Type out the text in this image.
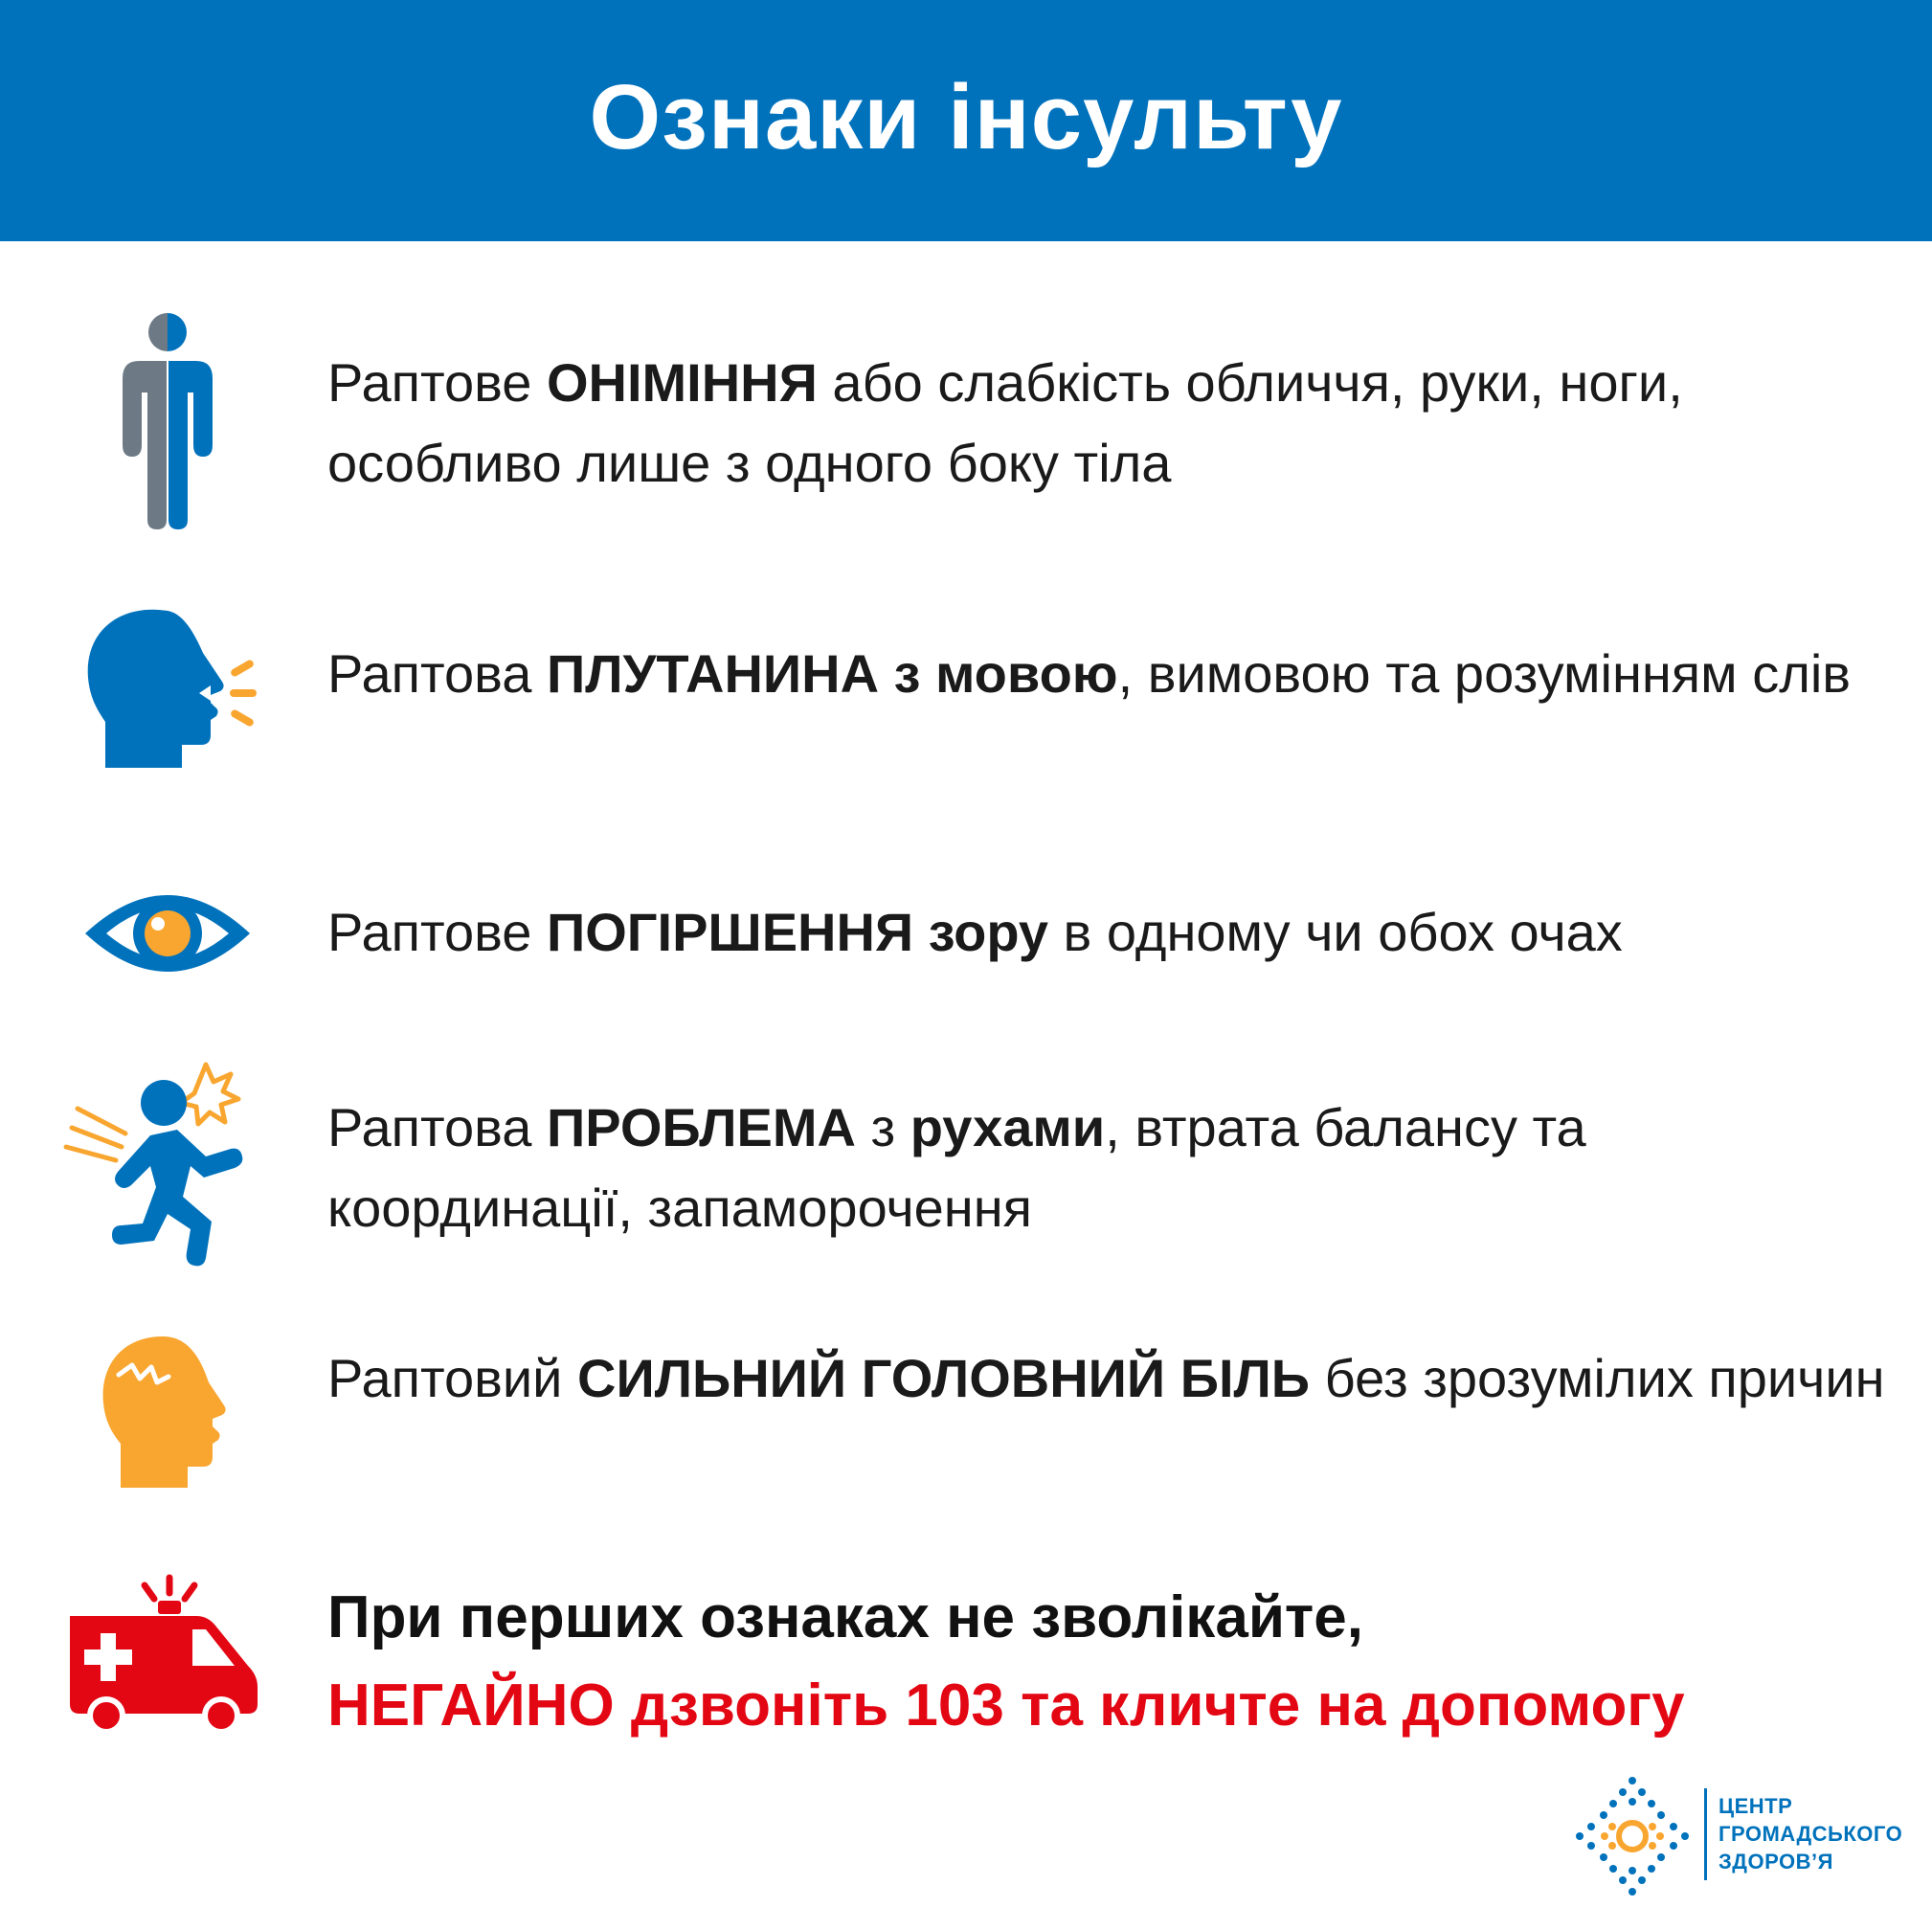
Ознаки інсульту
Раптове ОНІМІННЯ або слабкість обличчя, руки, ноги, особливо лише з одного боку тіла
Раптова ПЛУТАНИНА з мовою, вимовою та розумінням слів
Раптове ПОГІРШЕННЯ зору в одному чи обох очах
Раптова ПРОБЛЕМА з рухами, втрата балансу та координації, запаморочення
Раптовий СИЛЬНИЙ ГОЛОВНИЙ БІЛЬ без зрозумілих причин
При перших ознаках не зволікайте,
НЕГАЙНО дзвоніть 103 та кличте на допомогу
ЦЕНТР
ГРОМАДСЬКОГО
ЗДОРОВ’Я
